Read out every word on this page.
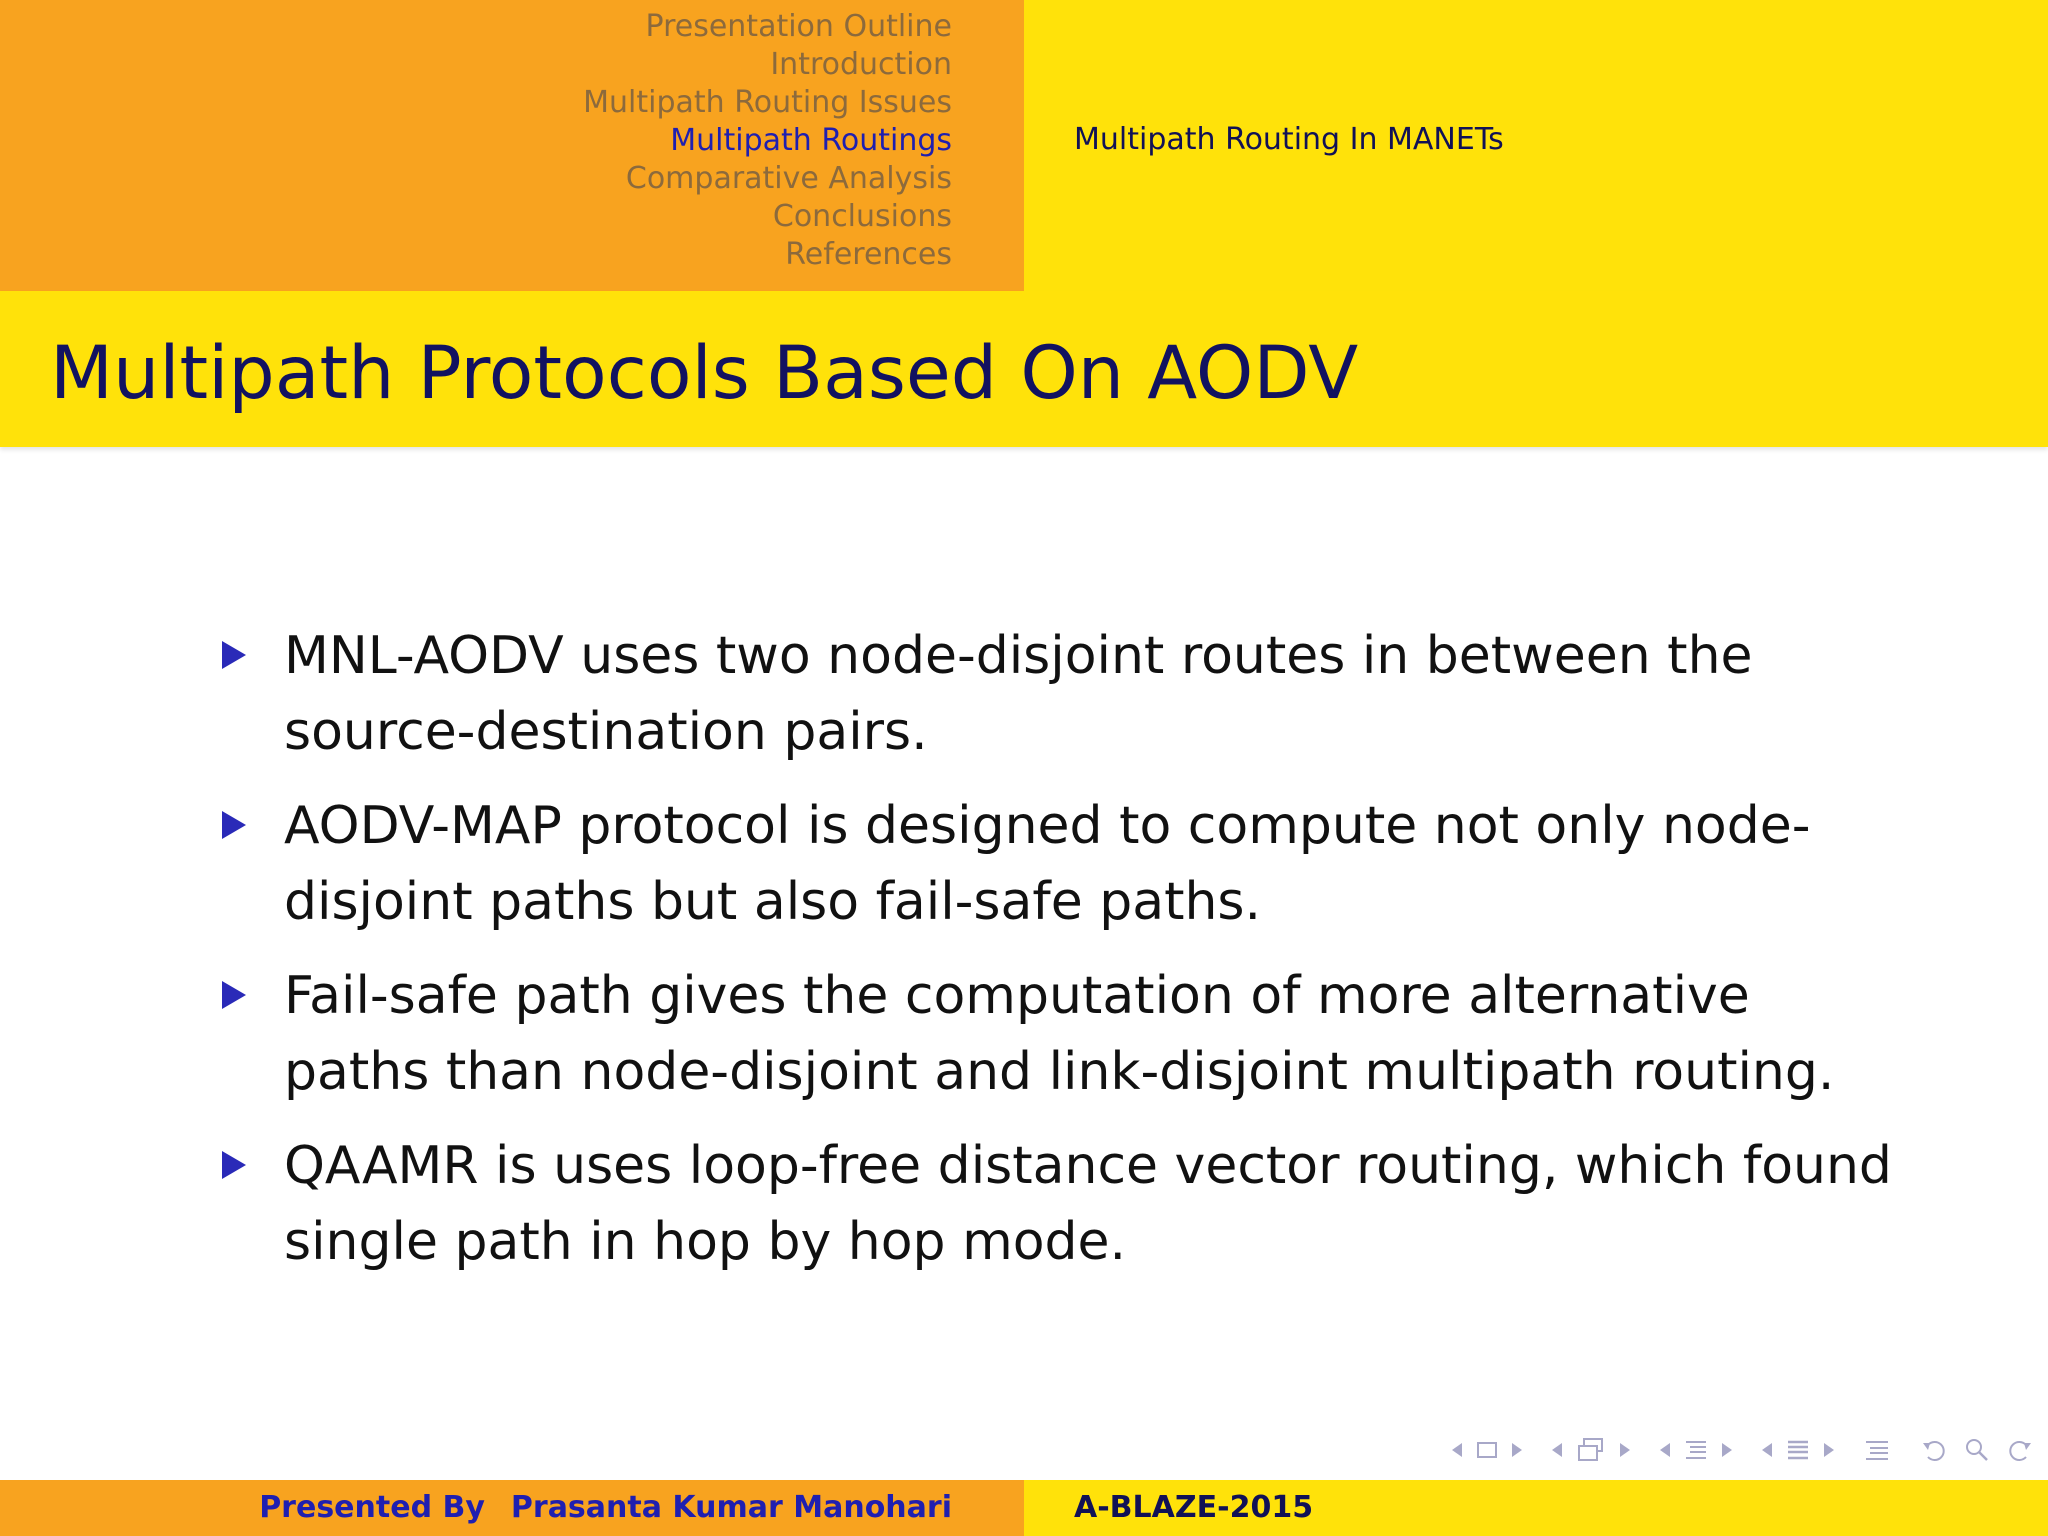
Presentation Outline
Introduction
Multipath Routing Issues
Multipath Routings
Comparative Analysis
Conclusions
References
Multipath Routing In MANETs
Multipath Protocols Based On AODV
MNL-AODV uses two node-disjoint routes in between the source-destination pairs.
AODV-MAP protocol is designed to compute not only node-disjoint paths but also fail-safe paths.
Fail-safe path gives the computation of more alternative paths than node-disjoint and link-disjoint multipath routing.
QAAMR is uses loop-free distance vector routing, which found single path in hop by hop mode.
Presented By Prasanta Kumar Manohari	A-BLAZE-2015
